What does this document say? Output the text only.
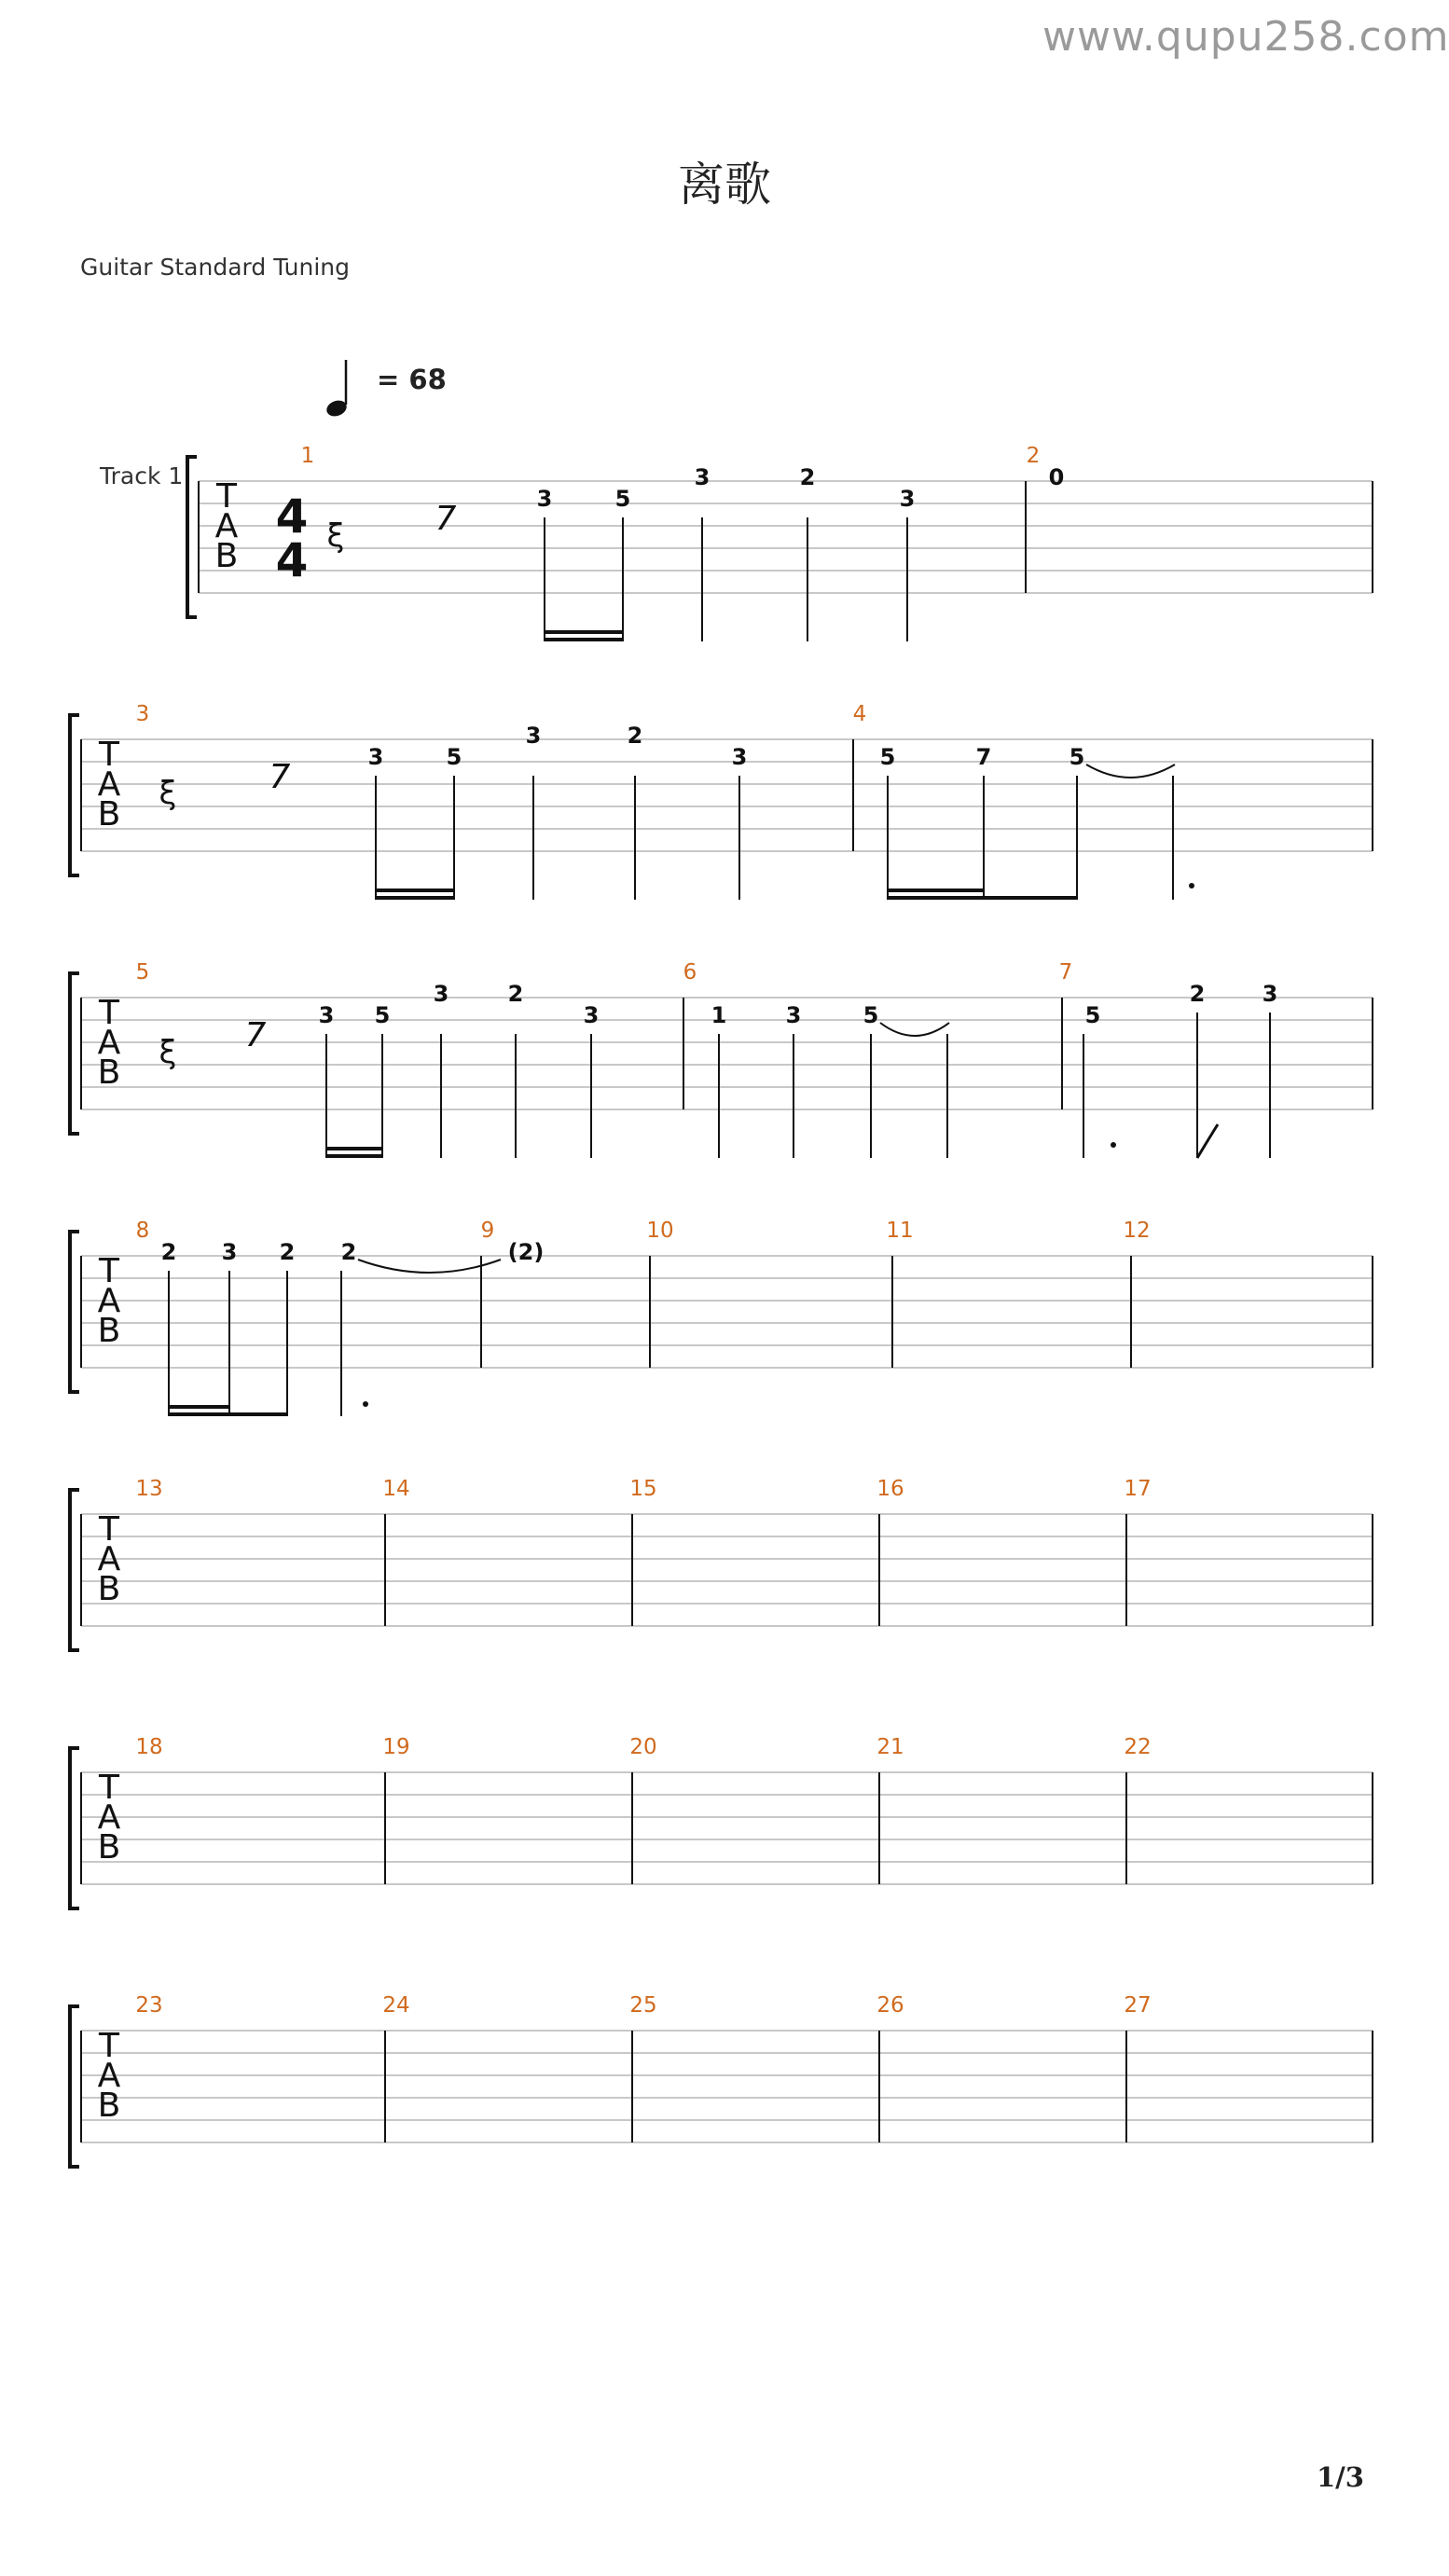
www.qupu258.com
离歌
Guitar Standard Tuning
= 68
Track 1
1/3
T
A
B
1	2
4
4
T
A
B
3	4
T
A
B
5	6	7
T
A
B
8	9	10	11	12
T
A
B
13	14	15	16	17
T
A
B
18	19	20	21	22
T
A
B
23	24	25	26	27
ξ	7
3	5
3	2
3
0
ξ	7
3	5
3	2
3	5	7	5
ξ 7
3 5
3	2
3	1	3	5	5
2	3
2 3 2 2	(2)
